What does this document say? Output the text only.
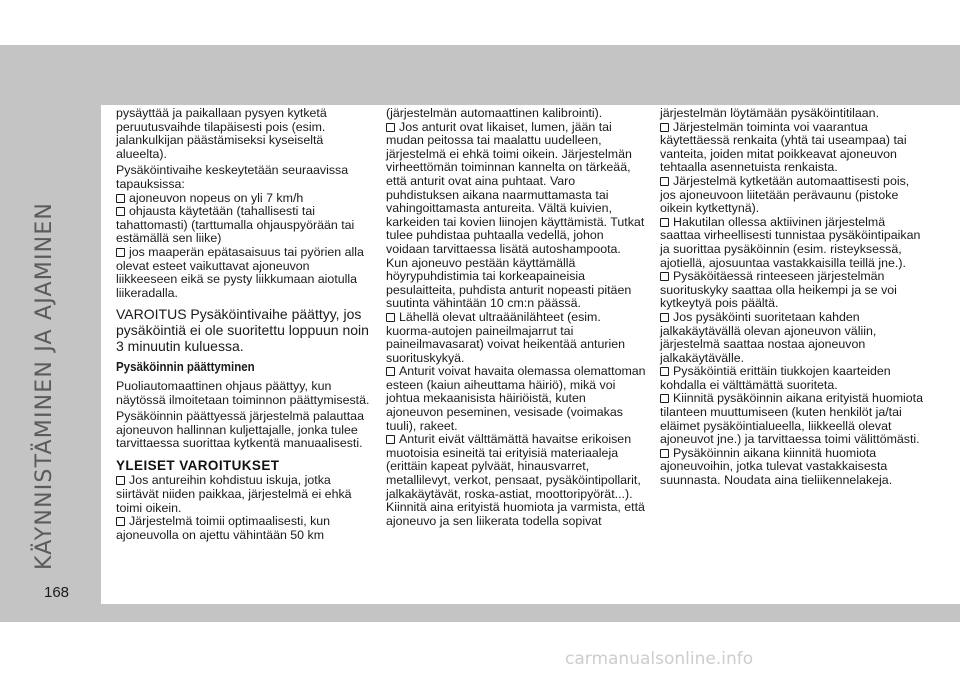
KÄYNNISTÄMINEN JA AJAMINEN
168

pysäyttää ja paikallaan pysyen kytketä peruutusvaihde tilapäisesti pois (esim. jalankulkijan päästämiseksi kyseiseltä alueelta).

Pysäköintivaihe keskeytetään seuraavissa tapauksissa:

ajoneuvon nopeus on yli 7 km/h
ohjausta käytetään (tahallisesti tai tahattomasti) (tarttumalla ohjauspyörään tai estämällä sen liike)
jos maaperän epätasaisuus tai pyörien alla olevat esteet vaikuttavat ajoneuvon liikkeeseen eikä se pysty liikkumaan aiotulla liikeradalla.
VAROITUS Pysäköintivaihe päättyy, jos pysäköintiä ei ole suoritettu loppuun noin 3 minuutin kuluessa.
Pysäköinnin päättyminen

Puoliautomaattinen ohjaus päättyy, kun näytössä ilmoitetaan toiminnon päättymisestä.

Pysäköinnin päättyessä järjestelmä palauttaa ajoneuvon hallinnan kuljettajalle, jonka tulee tarvittaessa suorittaa kytkentä manuaalisesti.

YLEISET VAROITUKSET
Jos antureihin kohdistuu iskuja, jotka siirtävät niiden paikkaa, järjestelmä ei ehkä toimi oikein.
Järjestelmä toimii optimaalisesti, kun ajoneuvolla on ajettu vähintään 50 km

(järjestelmän automaattinen kalibrointi).

Jos anturit ovat likaiset, lumen, jään tai mudan peitossa tai maalattu uudelleen, järjestelmä ei ehkä toimi oikein. Järjestelmän virheettömän toiminnan kannelta on tärkeää, että anturit ovat aina puhtaat. Varo puhdistuksen aikana naarmuttamasta tai vahingoittamasta antureita. Vältä kuivien, karkeiden tai kovien liinojen käyttämistä. Tutkat tulee puhdistaa puhtaalla vedellä, johon voidaan tarvittaessa lisätä autoshampoota. Kun ajoneuvo pestään käyttämällä höyrypuhdistimia tai korkeapaineisia pesulaitteita, puhdista anturit nopeasti pitäen suutinta vähintään 10 cm:n päässä.
Lähellä olevat ultraäänilähteet (esim. kuorma-autojen paineilmajarrut tai paineilmavasarat) voivat heikentää anturien suorituskykyä.
Anturit voivat havaita olemassa olemattoman esteen (kaiun aiheuttama häiriö), mikä voi johtua mekaanisista häiriöistä, kuten ajoneuvon peseminen, vesisade (voimakas tuuli), rakeet.
Anturit eivät välttämättä havaitse erikoisen muotoisia esineitä tai erityisiä materiaaleja (erittäin kapeat pylväät, hinausvarret, metallilevyt, verkot, pensaat, pysäköintipollarit, jalkakäytävät, roska-astiat, moottoripyörät...). Kiinnitä aina erityistä huomiota ja varmista, että ajoneuvo ja sen liikerata todella sopivat

järjestelmän löytämään pysäköintitilaan.

Järjestelmän toiminta voi vaarantua käytettäessä renkaita (yhtä tai useampaa) tai vanteita, joiden mitat poikkeavat ajoneuvon tehtaalla asennetuista renkaista.
Järjestelmä kytketään automaattisesti pois, jos ajoneuvoon liitetään perävaunu (pistoke oikein kytkettynä).
Hakutilan ollessa aktiivinen järjestelmä saattaa virheellisesti tunnistaa pysäköintipaikan ja suorittaa pysäköinnin (esim. risteyksessä, ajotiellä, ajosuuntaa vastakkaisilla teillä jne.).
Pysäköitäessä rinteeseen järjestelmän suorituskyky saattaa olla heikempi ja se voi kytkeytyä pois päältä.
Jos pysäköinti suoritetaan kahden jalkakäytävällä olevan ajoneuvon väliin, järjestelmä saattaa nostaa ajoneuvon jalkakäytävälle.
Pysäköintiä erittäin tiukkojen kaarteiden kohdalla ei välttämättä suoriteta.
Kiinnitä pysäköinnin aikana erityistä huomiota tilanteen muuttumiseen (kuten henkilöt ja/tai eläimet pysäköintialueella, liikkeellä olevat ajoneuvot jne.) ja tarvittaessa toimi välittömästi.
Pysäköinnin aikana kiinnitä huomiota ajoneuvoihin, jotka tulevat vastakkaisesta suunnasta. Noudata aina tieliikennelakeja.
carmanualsonline.info
